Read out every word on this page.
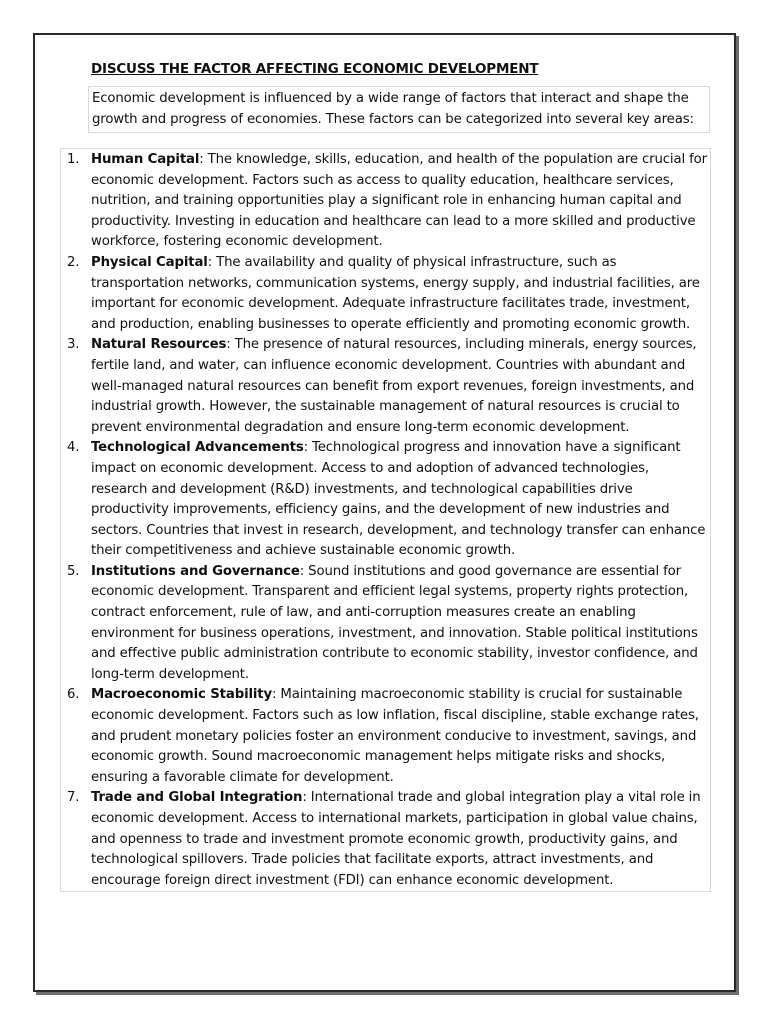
DISCUSS THE FACTOR AFFECTING ECONOMIC DEVELOPMENT
Economic development is influenced by a wide range of factors that interact and shape the growth and progress of economies. These factors can be categorized into several key areas:
1. Human Capital: The knowledge, skills, education, and health of the population are crucial for economic development. Factors such as access to quality education, healthcare services, nutrition, and training opportunities play a significant role in enhancing human capital and productivity. Investing in education and healthcare can lead to a more skilled and productive workforce, fostering economic development.
2. Physical Capital: The availability and quality of physical infrastructure, such as transportation networks, communication systems, energy supply, and industrial facilities, are important for economic development. Adequate infrastructure facilitates trade, investment, and production, enabling businesses to operate efficiently and promoting economic growth.
3. Natural Resources: The presence of natural resources, including minerals, energy sources, fertile land, and water, can influence economic development. Countries with abundant and well-managed natural resources can benefit from export revenues, foreign investments, and industrial growth. However, the sustainable management of natural resources is crucial to prevent environmental degradation and ensure long-term economic development.
4. Technological Advancements: Technological progress and innovation have a significant impact on economic development. Access to and adoption of advanced technologies, research and development (R&D) investments, and technological capabilities drive productivity improvements, efficiency gains, and the development of new industries and sectors. Countries that invest in research, development, and technology transfer can enhance their competitiveness and achieve sustainable economic growth.
5. Institutions and Governance: Sound institutions and good governance are essential for economic development. Transparent and efficient legal systems, property rights protection, contract enforcement, rule of law, and anti-corruption measures create an enabling environment for business operations, investment, and innovation. Stable political institutions and effective public administration contribute to economic stability, investor confidence, and long-term development.
6. Macroeconomic Stability: Maintaining macroeconomic stability is crucial for sustainable economic development. Factors such as low inflation, fiscal discipline, stable exchange rates, and prudent monetary policies foster an environment conducive to investment, savings, and economic growth. Sound macroeconomic management helps mitigate risks and shocks, ensuring a favorable climate for development.
7. Trade and Global Integration: International trade and global integration play a vital role in economic development. Access to international markets, participation in global value chains, and openness to trade and investment promote economic growth, productivity gains, and technological spillovers. Trade policies that facilitate exports, attract investments, and encourage foreign direct investment (FDI) can enhance economic development.
